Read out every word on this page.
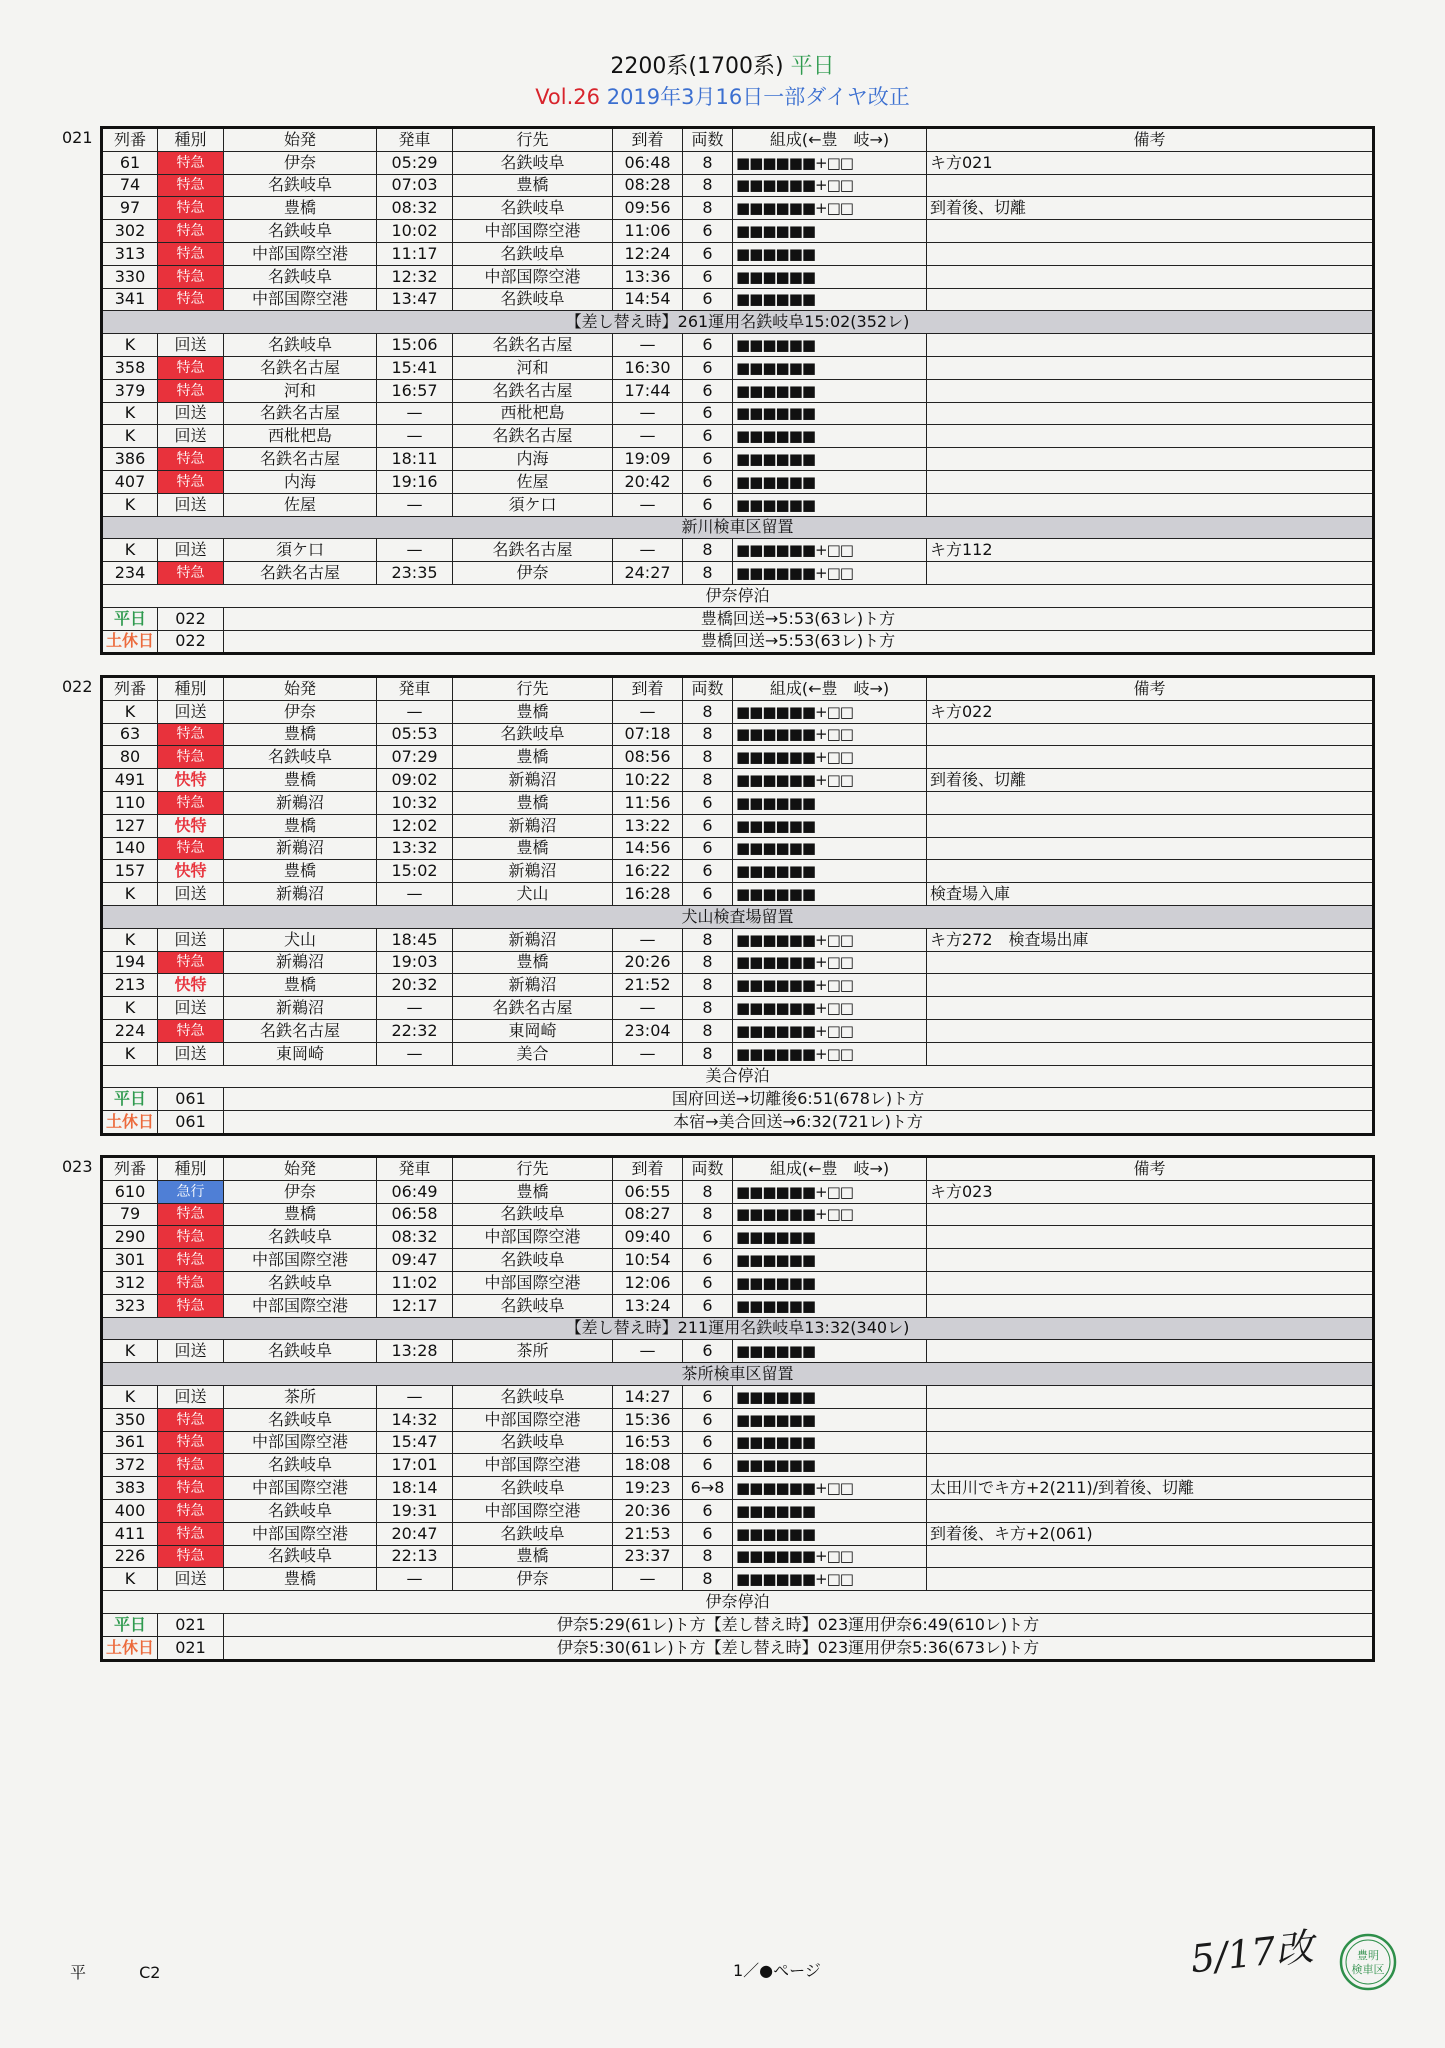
2200系(1700系) 平日
Vol.26 2019年3月16日一部ダイヤ改正
021 列番	種別	始発	発車	行先	到着	両数	組成(←豊　岐→)	備考
61	特急	伊奈	05:29	名鉄岐阜	06:48	8	■■■■■■+□□	キ方021
74	特急	名鉄岐阜	07:03	豊橋	08:28	8	■■■■■■+□□	
97	特急	豊橋	08:32	名鉄岐阜	09:56	8	■■■■■■+□□	到着後、切離
302	特急	名鉄岐阜	10:02	中部国際空港	11:06	6	■■■■■■	
313	特急	中部国際空港	11:17	名鉄岐阜	12:24	6	■■■■■■	
330	特急	名鉄岐阜	12:32	中部国際空港	13:36	6	■■■■■■	
341	特急	中部国際空港	13:47	名鉄岐阜	14:54	6	■■■■■■	
【差し替え時】261運用名鉄岐阜15:02(352レ)								
K	回送	名鉄岐阜	15:06	名鉄名古屋	—	6	■■■■■■	
358	特急	名鉄名古屋	15:41	河和	16:30	6	■■■■■■	
379	特急	河和	16:57	名鉄名古屋	17:44	6	■■■■■■	
K	回送	名鉄名古屋	—	西枇杷島	—	6	■■■■■■	
K	回送	西枇杷島	—	名鉄名古屋	—	6	■■■■■■	
386	特急	名鉄名古屋	18:11	内海	19:09	6	■■■■■■	
407	特急	内海	19:16	佐屋	20:42	6	■■■■■■	
K	回送	佐屋	—	須ケ口	—	6	■■■■■■	
新川検車区留置								
K	回送	須ケ口	—	名鉄名古屋	—	8	■■■■■■+□□	キ方112
234	特急	名鉄名古屋	23:35	伊奈	24:27	8	■■■■■■+□□	
伊奈停泊								
平日	022	豊橋回送→5:53(63レ)ト方						
土休日	022	豊橋回送→5:53(63レ)ト方						
022 列番	種別	始発	発車	行先	到着	両数	組成(←豊　岐→)	備考
K	回送	伊奈	—	豊橋	—	8	■■■■■■+□□	キ方022
63	特急	豊橋	05:53	名鉄岐阜	07:18	8	■■■■■■+□□	
80	特急	名鉄岐阜	07:29	豊橋	08:56	8	■■■■■■+□□	
491	快特	豊橋	09:02	新鵜沼	10:22	8	■■■■■■+□□	到着後、切離
110	特急	新鵜沼	10:32	豊橋	11:56	6	■■■■■■	
127	快特	豊橋	12:02	新鵜沼	13:22	6	■■■■■■	
140	特急	新鵜沼	13:32	豊橋	14:56	6	■■■■■■	
157	快特	豊橋	15:02	新鵜沼	16:22	6	■■■■■■	
K	回送	新鵜沼	—	犬山	16:28	6	■■■■■■	検査場入庫
犬山検査場留置								
K	回送	犬山	18:45	新鵜沼	—	8	■■■■■■+□□	キ方272　検査場出庫
194	特急	新鵜沼	19:03	豊橋	20:26	8	■■■■■■+□□	
213	快特	豊橋	20:32	新鵜沼	21:52	8	■■■■■■+□□	
K	回送	新鵜沼	—	名鉄名古屋	—	8	■■■■■■+□□	
224	特急	名鉄名古屋	22:32	東岡崎	23:04	8	■■■■■■+□□	
K	回送	東岡崎	—	美合	—	8	■■■■■■+□□	
美合停泊								
平日	061	国府回送→切離後6:51(678レ)ト方						
土休日	061	本宿→美合回送→6:32(721レ)ト方						
023 列番	種別	始発	発車	行先	到着	両数	組成(←豊　岐→)	備考
610	急行	伊奈	06:49	豊橋	06:55	8	■■■■■■+□□	キ方023
79	特急	豊橋	06:58	名鉄岐阜	08:27	8	■■■■■■+□□	
290	特急	名鉄岐阜	08:32	中部国際空港	09:40	6	■■■■■■	
301	特急	中部国際空港	09:47	名鉄岐阜	10:54	6	■■■■■■	
312	特急	名鉄岐阜	11:02	中部国際空港	12:06	6	■■■■■■	
323	特急	中部国際空港	12:17	名鉄岐阜	13:24	6	■■■■■■	
【差し替え時】211運用名鉄岐阜13:32(340レ)								
K	回送	名鉄岐阜	13:28	茶所	—	6	■■■■■■	
茶所検車区留置								
K	回送	茶所	—	名鉄岐阜	14:27	6	■■■■■■	
350	特急	名鉄岐阜	14:32	中部国際空港	15:36	6	■■■■■■	
361	特急	中部国際空港	15:47	名鉄岐阜	16:53	6	■■■■■■	
372	特急	名鉄岐阜	17:01	中部国際空港	18:08	6	■■■■■■	
383	特急	中部国際空港	18:14	名鉄岐阜	19:23	6→8	■■■■■■+□□	太田川でキ方+2(211)/到着後、切離
400	特急	名鉄岐阜	19:31	中部国際空港	20:36	6	■■■■■■	
411	特急	中部国際空港	20:47	名鉄岐阜	21:53	6	■■■■■■	到着後、キ方+2(061)
226	特急	名鉄岐阜	22:13	豊橋	23:37	8	■■■■■■+□□	
K	回送	豊橋	—	伊奈	—	8	■■■■■■+□□	
伊奈停泊								
平日	021	伊奈5:29(61レ)ト方【差し替え時】023運用伊奈6:49(610レ)ト方						
土休日	021	伊奈5:30(61レ)ト方【差し替え時】023運用伊奈5:36(673レ)ト方						
平	C2	1／●ページ	5/17改	豊明
検車区
